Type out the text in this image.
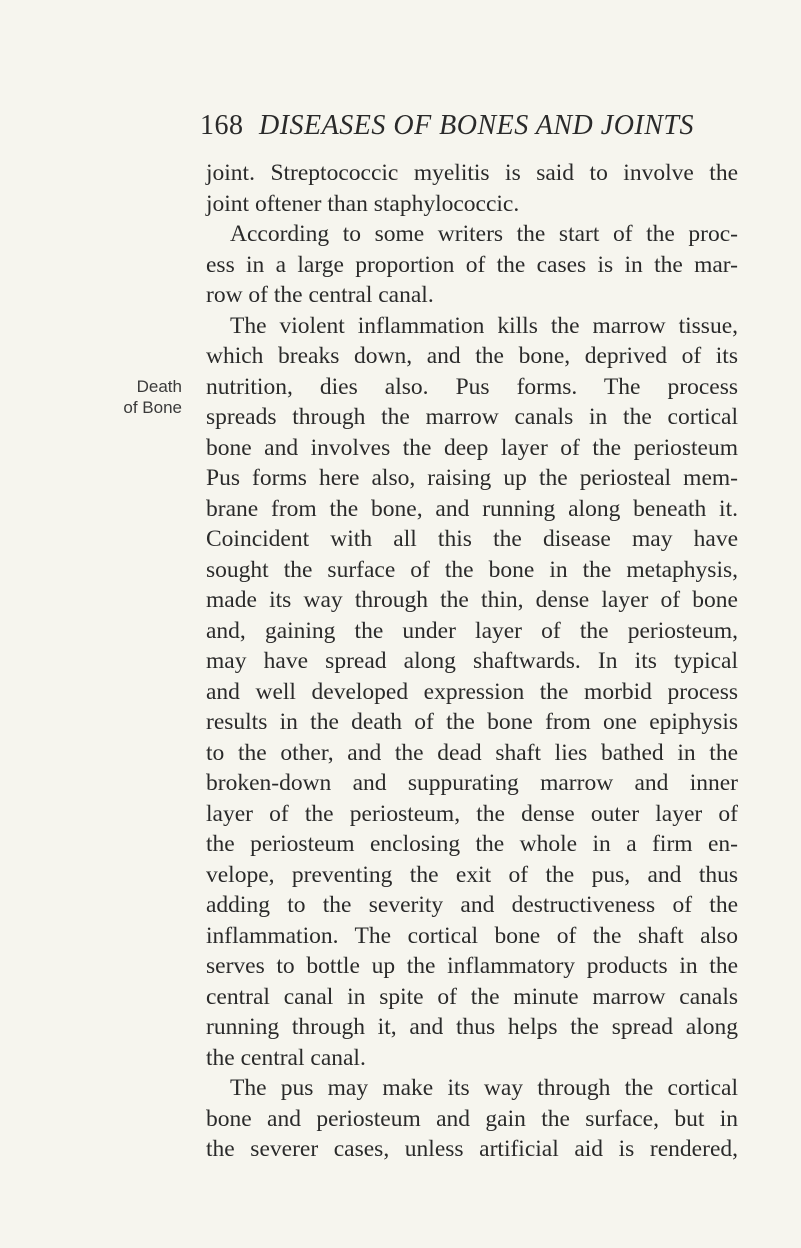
168 DISEASES OF BONES AND JOINTS
Death
of Bone
joint. Streptococcic myelitis is said to involve the
joint oftener than staphylococcic.
According to some writers the start of the proc-
ess in a large proportion of the cases is in the mar-
row of the central canal.
The violent inflammation kills the marrow tissue,
which breaks down, and the bone, deprived of its
nutrition, dies also. Pus forms. The process
spreads through the marrow canals in the cortical
bone and involves the deep layer of the periosteum
Pus forms here also, raising up the periosteal mem-
brane from the bone, and running along beneath it.
Coincident with all this the disease may have
sought the surface of the bone in the metaphysis,
made its way through the thin, dense layer of bone
and, gaining the under layer of the periosteum,
may have spread along shaftwards. In its typical
and well developed expression the morbid process
results in the death of the bone from one epiphysis
to the other, and the dead shaft lies bathed in the
broken-down and suppurating marrow and inner
layer of the periosteum, the dense outer layer of
the periosteum enclosing the whole in a firm en-
velope, preventing the exit of the pus, and thus
adding to the severity and destructiveness of the
inflammation. The cortical bone of the shaft also
serves to bottle up the inflammatory products in the
central canal in spite of the minute marrow canals
running through it, and thus helps the spread along
the central canal.
The pus may make its way through the cortical
bone and periosteum and gain the surface, but in
the severer cases, unless artificial aid is rendered,
